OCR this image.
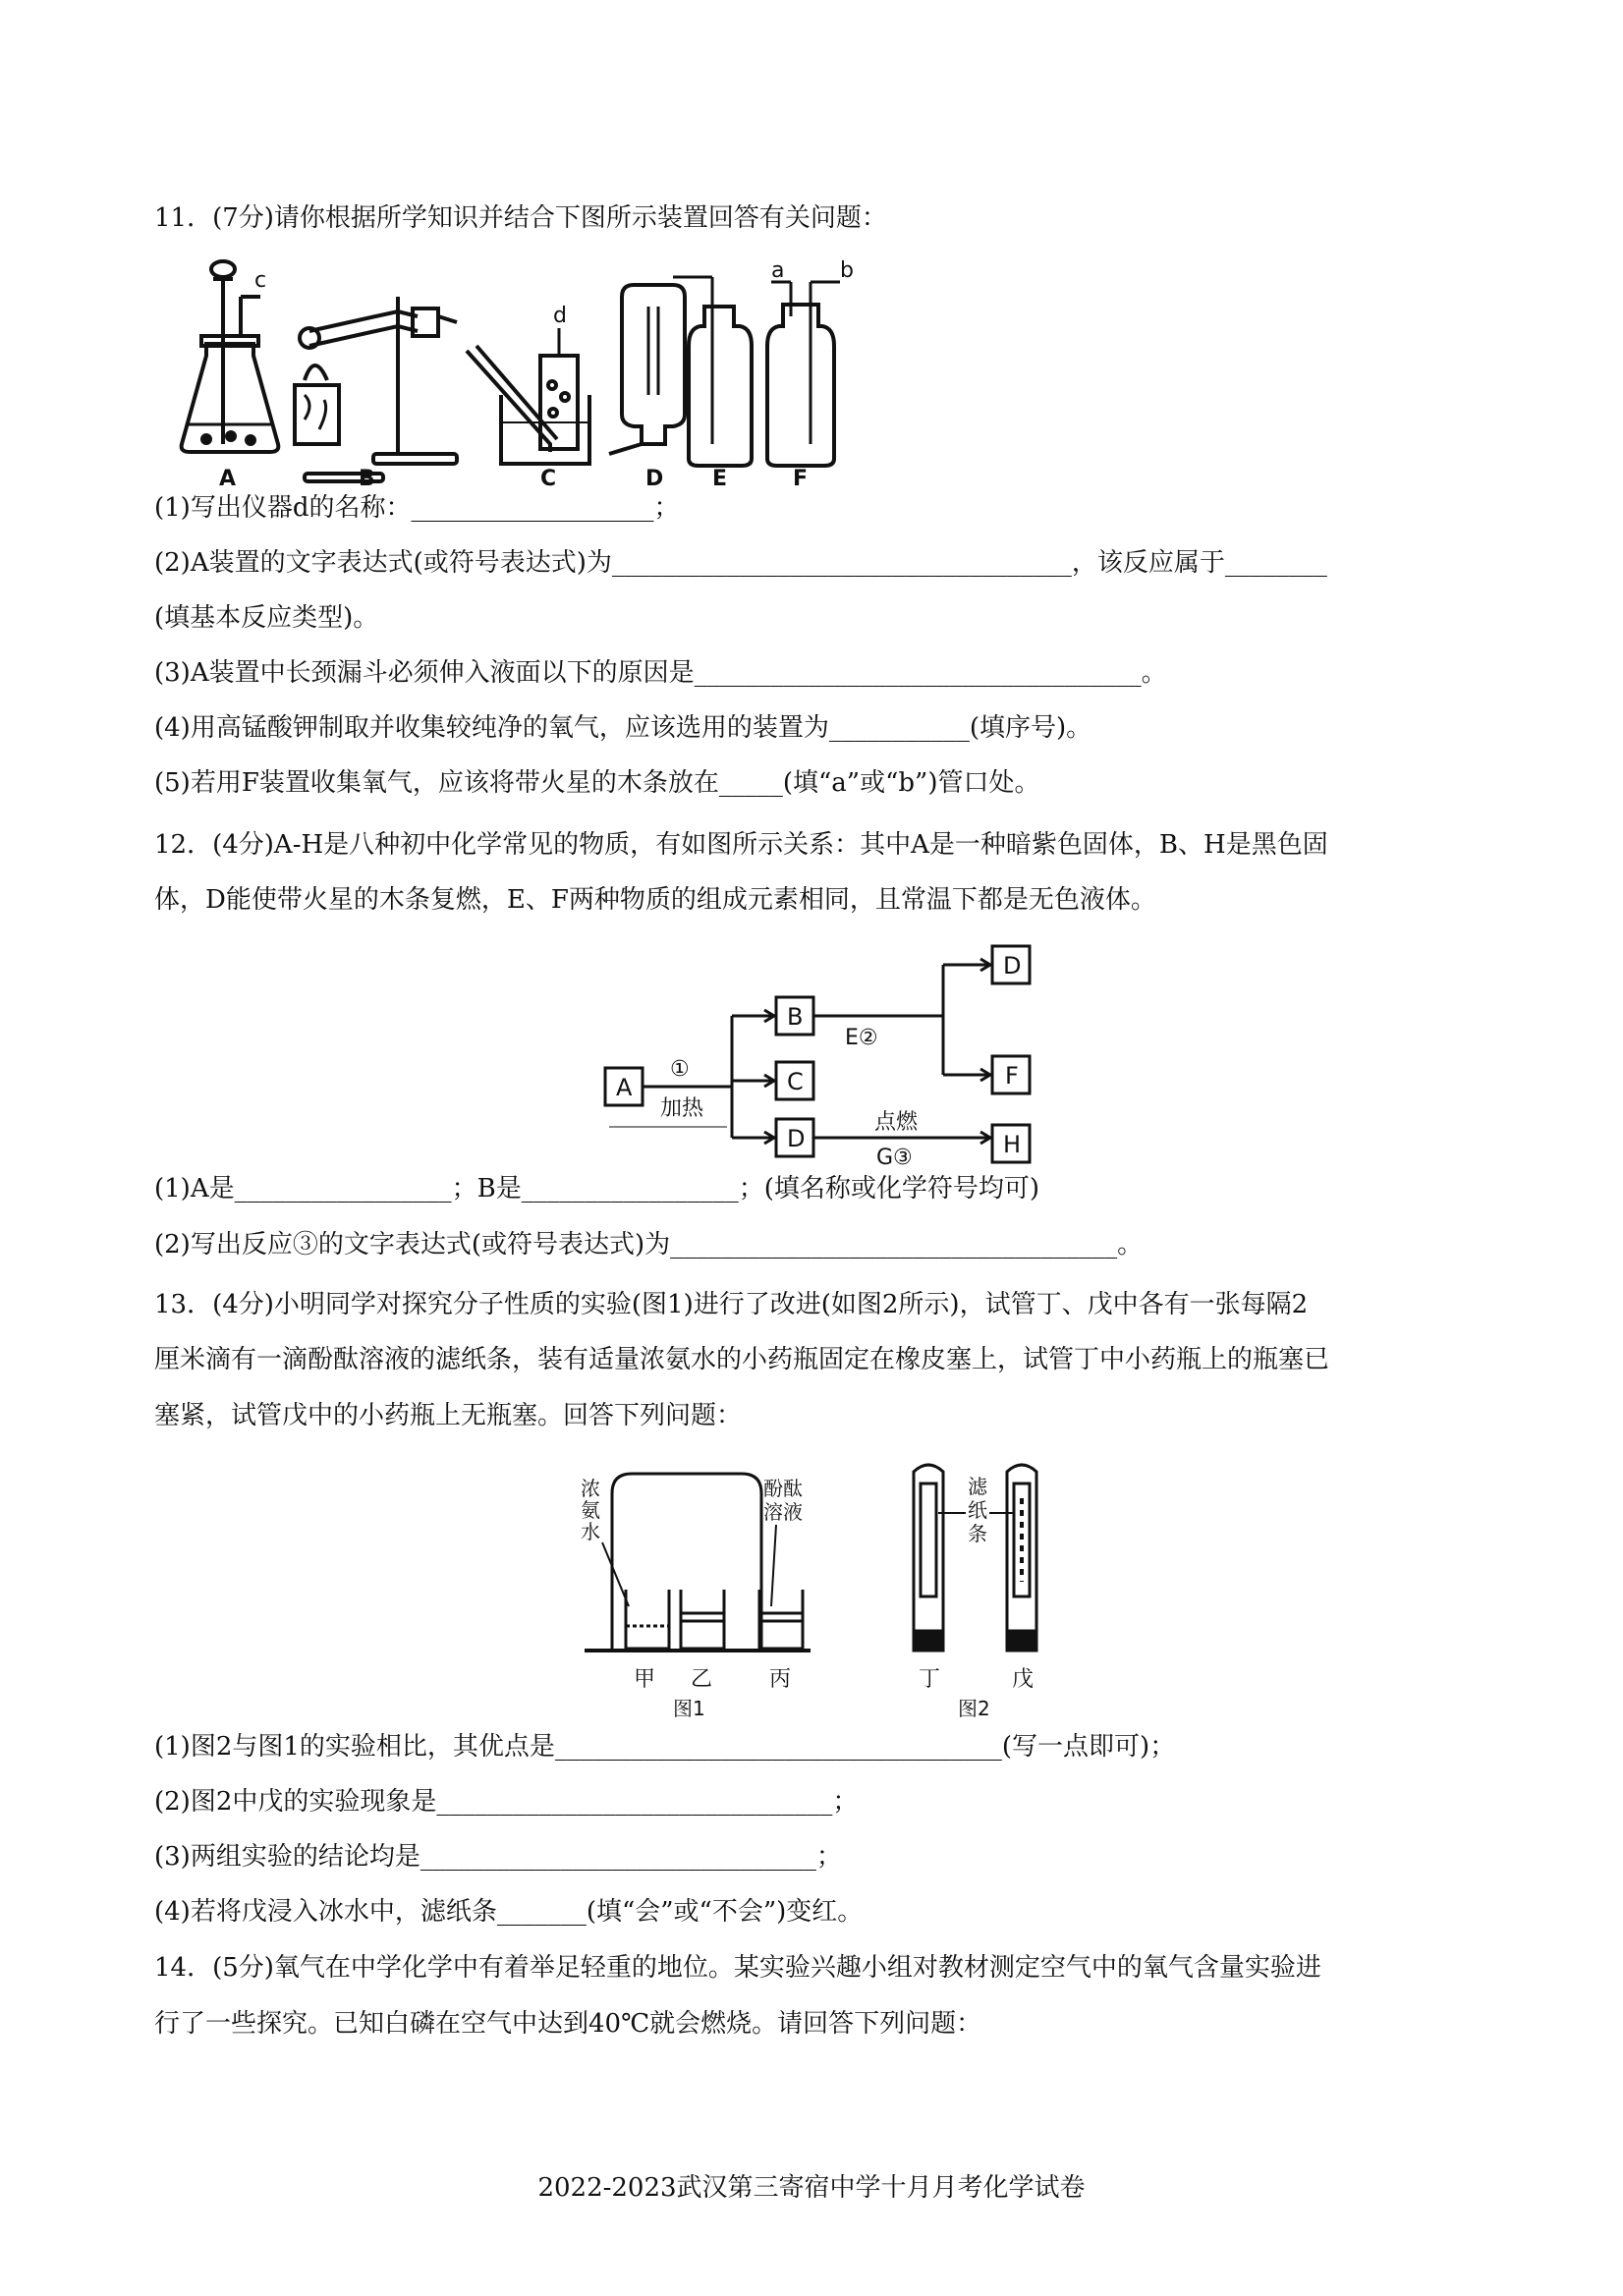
11．(7分)请你根据所学知识并结合下图所示装置回答有关问题：
c
d
a	b
A	B	C	D E	F
(1)写出仪器d的名称：___________________；
(2)A装置的文字表达式(或符号表达式)为____________________________________，该反应属于________
(填基本反应类型)。
(3)A装置中长颈漏斗必须伸入液面以下的原因是___________________________________。
(4)用高锰酸钾制取并收集较纯净的氧气，应该选用的装置为___________(填序号)。
(5)若用F装置收集氧气，应该将带火星的木条放在_____(填“a”或“b”)管口处。
12．(4分)A-H是八种初中化学常见的物质，有如图所示关系：其中A是一种暗紫色固体，B、H是黑色固
体，D能使带火星的木条复燃，E、F两种物质的组成元素相同，且常温下都是无色液体。
A
B
C
D
D
F
H
①
加热
E②
点燃
G③
(1)A是_________________；B是_________________；(填名称或化学符号均可)
(2)写出反应③的文字表达式(或符号表达式)为___________________________________。
13．(4分)小明同学对探究分子性质的实验(图1)进行了改进(如图2所示)，试管丁、戊中各有一张每隔2
厘米滴有一滴酚酞溶液的滤纸条，装有适量浓氨水的小药瓶固定在橡皮塞上，试管丁中小药瓶上的瓶塞已
塞紧，试管戊中的小药瓶上无瓶塞。回答下列问题：
浓
氨
水
酚酞
溶液
甲 乙	丙
图1
滤
纸
条
丁	戊
图2
(1)图2与图1的实验相比，其优点是___________________________________(写一点即可)；
(2)图2中戊的实验现象是_______________________________；
(3)两组实验的结论均是_______________________________；
(4)若将戊浸入冰水中，滤纸条_______(填“会”或“不会”)变红。
14．(5分)氧气在中学化学中有着举足轻重的地位。某实验兴趣小组对教材测定空气中的氧气含量实验进
行了一些探究。已知白磷在空气中达到40℃就会燃烧。请回答下列问题：
2022-2023武汉第三寄宿中学十月月考化学试卷
